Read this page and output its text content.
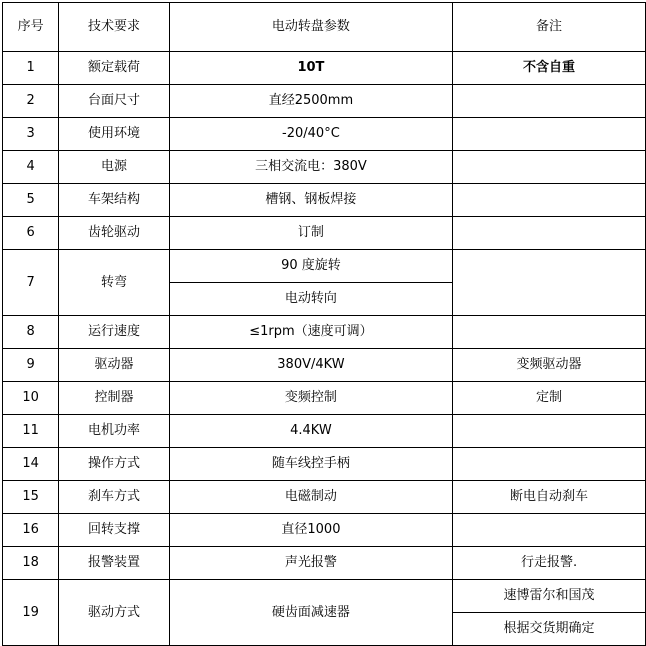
序号	技术要求	电动转盘参数	备注
1	额定载荷	10T	不含自重
2	台面尺寸	直经2500mm	
3	使用环境	-20/40°C	
4	电源	三相交流电：380V	
5	车架结构	槽钢、钢板焊接	
6	齿轮驱动	订制	
7	转弯	90 度旋转	
		电动转向	
8	运行速度	≤1rpm（速度可调）	
9	驱动器	380V/4KW	变频驱动器
10	控制器	变频控制	定制
11	电机功率	4.4KW	
14	操作方式	随车线控手柄	
15	刹车方式	电磁制动	断电自动刹车
16	回转支撑	直径1000	
18	报警装置	声光报警	行走报警.
19	驱动方式	硬齿面减速器	速博雷尔和国茂
			根据交货期确定
